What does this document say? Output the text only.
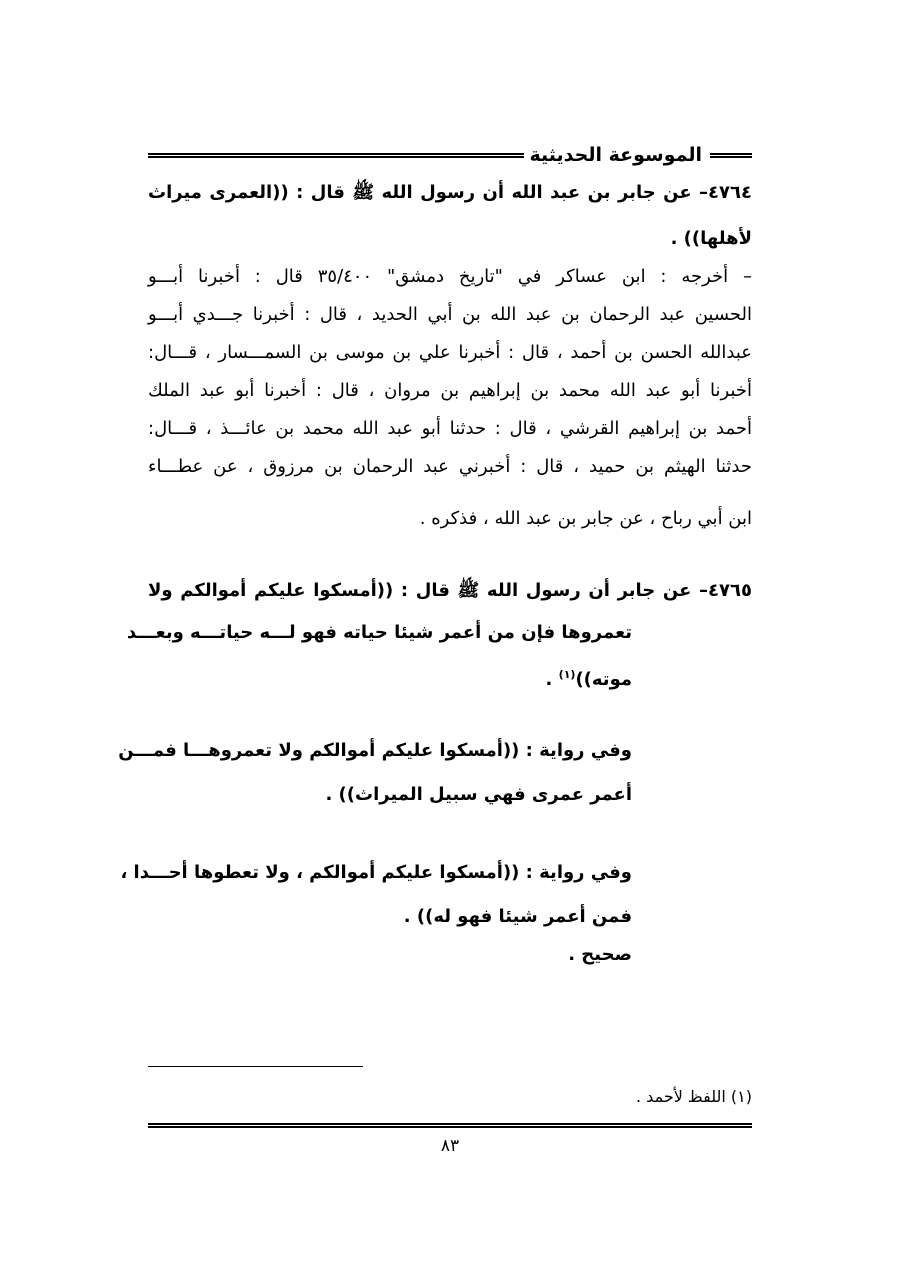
الموسوعة الحديثية
٤٧٦٤– عن جابر بن عبد الله أن رسول الله ﷺ قال : ((العمرى ميراث
لأهلها)) .
– أخرجه : ابن عساكر في "تاريخ دمشق" ٣٥/٤٠٠ قال : أخبرنا أبـــو
الحسين عبد الرحمان بن عبد الله بن أبي الحديد ، قال : أخبرنا جـــدي أبـــو
عبدالله الحسن بن أحمد ، قال : أخبرنا علي بن موسى بن السمـــسار ، قـــال:
أخبرنا أبو عبد الله محمد بن إبراهيم بن مروان ، قال : أخبرنا أبو عبد الملك
أحمد بن إبراهيم القرشي ، قال : حدثنا أبو عبد الله محمد بن عائـــذ ، قـــال:
حدثنا الهيثم بن حميد ، قال : أخبرني عبد الرحمان بن مرزوق ، عن عطـــاء
ابن أبي رباح ، عن جابر بن عبد الله ، فذكره .
٤٧٦٥– عن جابر أن رسول الله ﷺ قال : ((أمسكوا عليكم أموالكم ولا
تعمروها فإن من أعمر شيئا حياته فهو لـــه حياتـــه وبعـــد
موته))$^{(١)}$ .
وفي رواية : ((أمسكوا عليكم أموالكم ولا تعمروهـــا فمـــن
أعمر عمرى فهي سبيل الميراث)) .
وفي رواية : ((أمسكوا عليكم أموالكم ، ولا تعطوها أحـــدا ،
فمن أعمر شيئا فهو له)) .
صحيح .
(١) اللفظ لأحمد .
٨٣
